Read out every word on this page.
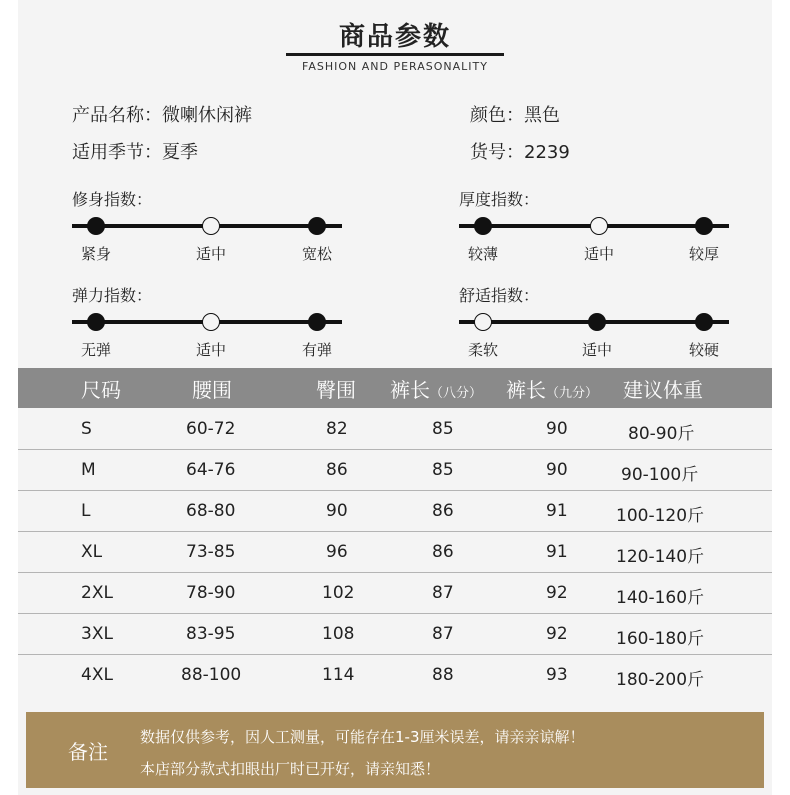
商品参数
FASHION AND PERASONALITY
产品名称：微喇休闲裤	颜色：黑色
适用季节：夏季	货号：2239
修身指数：
紧身	适中	宽松
厚度指数：
较薄	适中	较厚
弹力指数：
无弹	适中	有弹
舒适指数：
柔软	适中	较硬
尺码	腰围	臀围 裤长（八分） 裤长（九分） 建议体重
S	60-72	82	85	90	80-90斤
M	64-76	86	85	90	90-100斤
L	68-80	90	86	91	100-120斤
XL	73-85	96	86	91	120-140斤
2XL	78-90	102	87	92	140-160斤
3XL	83-95	108	87	92	160-180斤
4XL	88-100	114	88	93	180-200斤
备注
数据仅供参考，因人工测量，可能存在1-3厘米误差，请亲亲谅解！
本店部分款式扣眼出厂时已开好，请亲知悉！
